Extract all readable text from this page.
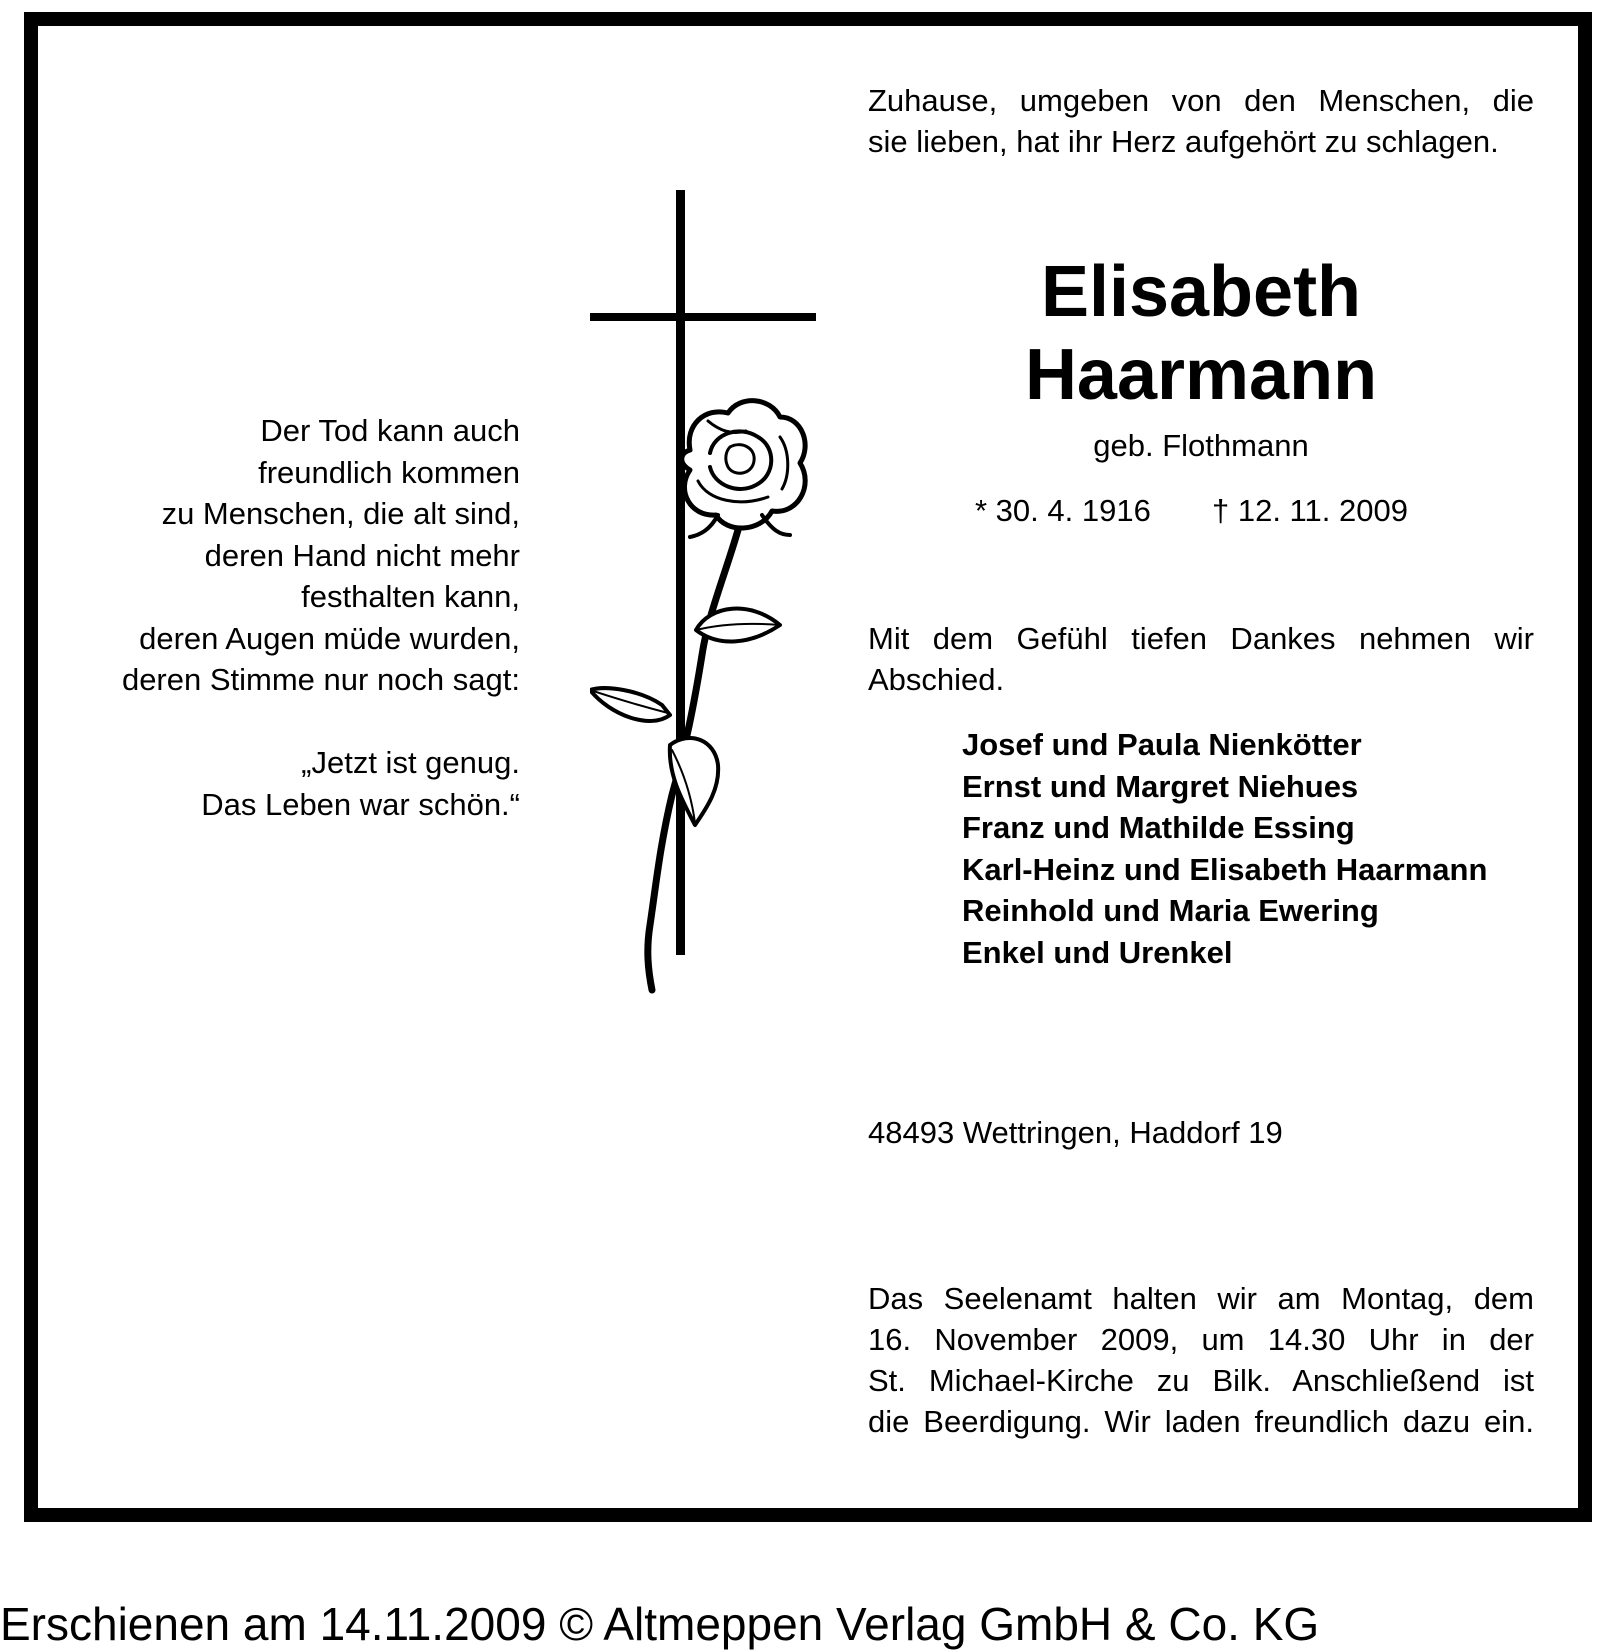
Zuhause, umgeben von den Menschen, die
sie lieben, hat ihr Herz aufgehört zu schlagen.
Elisabeth
Haarmann
geb. Flothmann
* 30. 4. 1916 † 12. 11. 2009
Mit dem Gefühl tiefen Dankes nehmen wir
Abschied.
Josef und Paula Nienkötter
Ernst und Margret Niehues
Franz und Mathilde Essing
Karl-Heinz und Elisabeth Haarmann
Reinhold und Maria Ewering
Enkel und Urenkel
48493 Wettringen, Haddorf 19
Das Seelenamt halten wir am Montag, dem
16. November 2009, um 14.30 Uhr in der
St. Michael-Kirche zu Bilk. Anschließend ist
die Beerdigung. Wir laden freundlich dazu ein.
Der Tod kann auch
freundlich kommen
zu Menschen, die alt sind,
deren Hand nicht mehr
festhalten kann,
deren Augen müde wurden,
deren Stimme nur noch sagt:
„Jetzt ist genug.
Das Leben war schön.“
Erschienen am 14.11.2009 © Altmeppen Verlag GmbH & Co. KG
